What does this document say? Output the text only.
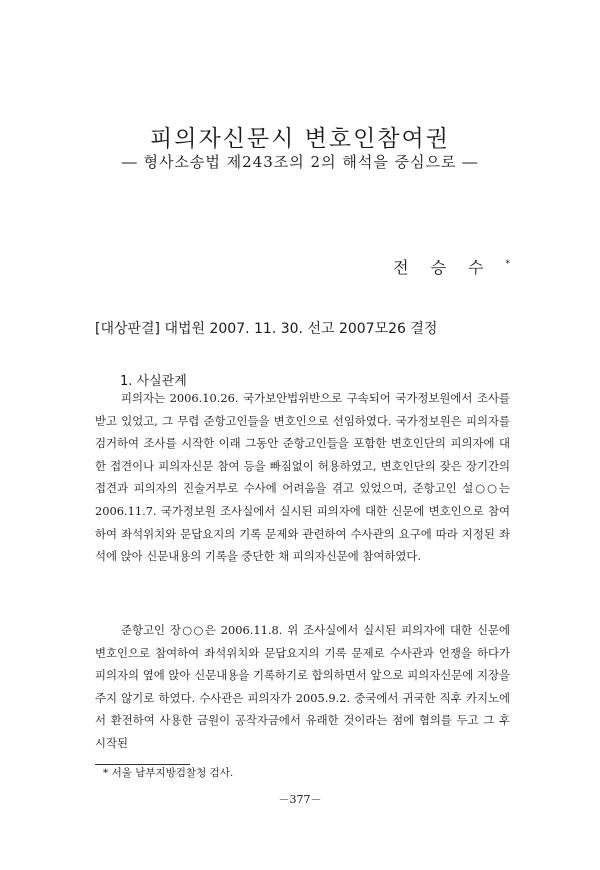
피의자신문시 변호인참여권
― 형사소송법 제243조의 2의 해석을 중심으로 ―
전승수*
[대상판결] 대법원 2007. 11. 30. 선고 2007모26 결정
1. 사실관계

피의자는 2006.10.26. 국가보안법위반으로 구속되어 국가정보원에서 조사를 받고 있었고, 그 무렵 준항고인들을 변호인으로 선임하였다. 국가정보원은 피의자를 검거하여 조사를 시작한 이래 그동안 준항고인들을 포함한 변호인단의 피의자에 대한 접견이나 피의자신문 참여 등을 빠짐없이 허용하였고, 변호인단의 잦은 장기간의 접견과 피의자의 진술거부로 수사에 어려움을 겪고 있었으며, 준항고인 설○○는 2006.11.7. 국가정보원 조사실에서 실시된 피의자에 대한 신문에 변호인으로 참여하여 좌석위치와 문답요지의 기록 문제와 관련하여 수사관의 요구에 따라 지정된 좌석에 앉아 신문내용의 기록을 중단한 채 피의자신문에 참여하였다.

준항고인 장○○은 2006.11.8. 위 조사실에서 실시된 피의자에 대한 신문에 변호인으로 참여하여 좌석위치와 문답요지의 기록 문제로 수사관과 언쟁을 하다가 피의자의 옆에 앉아 신문내용을 기록하기로 합의하면서 앞으로 피의자신문에 지장을 주지 않기로 하였다. 수사관은 피의자가 2005.9.2. 중국에서 귀국한 직후 카지노에서 환전하여 사용한 금원이 공작자금에서 유래한 것이라는 점에 혐의를 두고 그 후 시작된

* 서울 남부지방검찰청 검사.
－377－
